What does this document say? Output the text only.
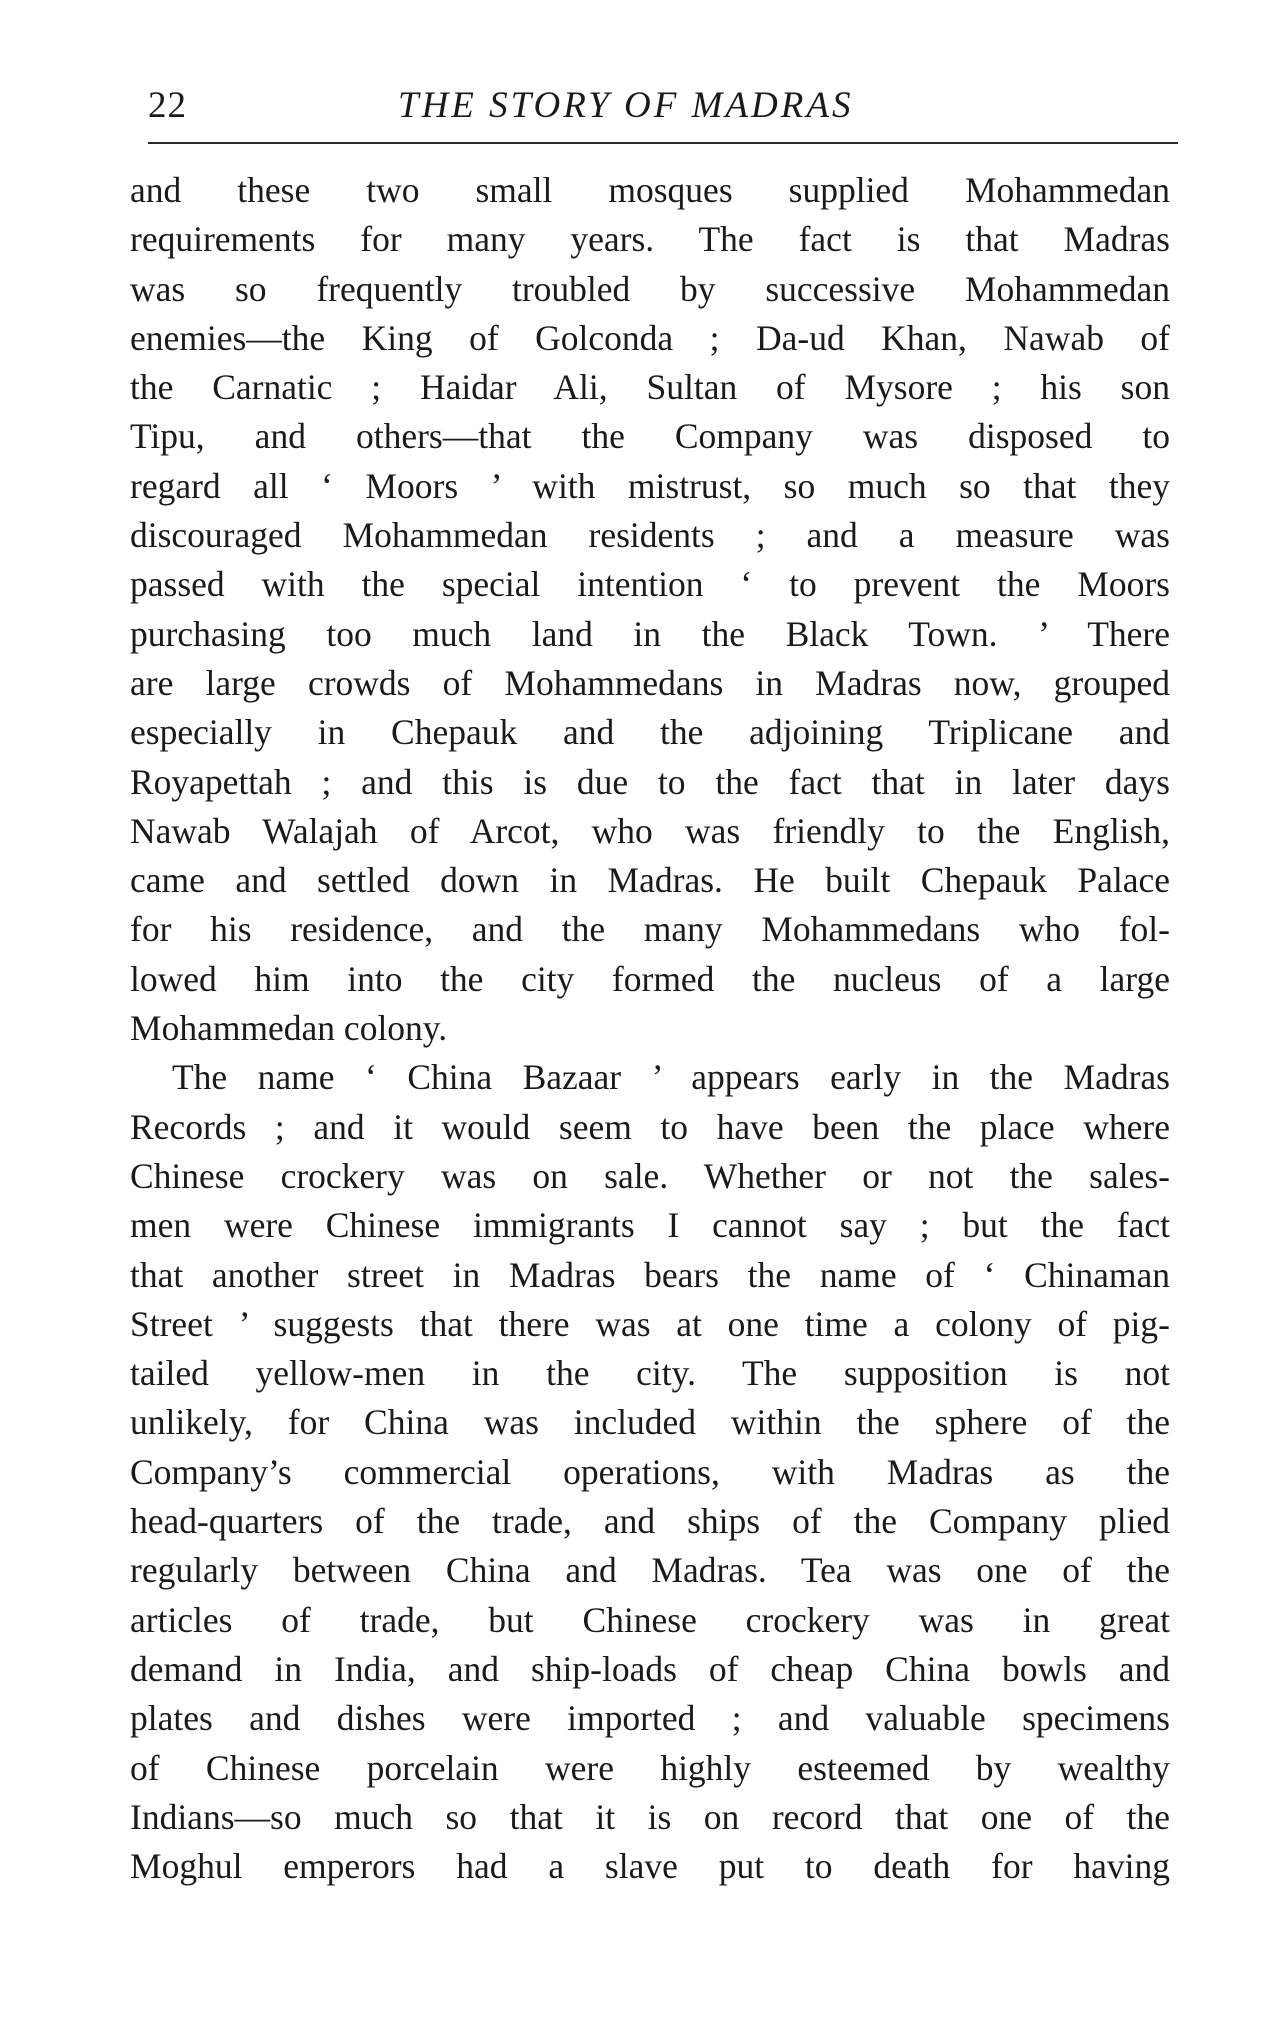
22	THE STORY OF MADRAS
and these two small mosques supplied Mohammedan
requirements for many years. The fact is that Madras
was so frequently troubled by successive Mohammedan
enemies—the King of Golconda ; Da-ud Khan, Nawab of
the Carnatic ; Haidar Ali, Sultan of Mysore ; his son
Tipu, and others—that the Company was disposed to
regard all ‘ Moors ’ with mistrust, so much so that they
discouraged Mohammedan residents ; and a measure was
passed with the special intention ‘ to prevent the Moors
purchasing too much land in the Black Town. ’ There
are large crowds of Mohammedans in Madras now, grouped
especially in Chepauk and the adjoining Triplicane and
Royapettah ; and this is due to the fact that in later days
Nawab Walajah of Arcot, who was friendly to the English,
came and settled down in Madras. He built Chepauk Palace
for his residence, and the many Mohammedans who fol-
lowed him into the city formed the nucleus of a large
Mohammedan colony.
The name ‘ China Bazaar ’ appears early in the Madras
Records ; and it would seem to have been the place where
Chinese crockery was on sale. Whether or not the sales-
men were Chinese immigrants I cannot say ; but the fact
that another street in Madras bears the name of ‘ Chinaman
Street ’ suggests that there was at one time a colony of pig-
tailed yellow-men in the city. The supposition is not
unlikely, for China was included within the sphere of the
Company’s commercial operations, with Madras as the
head-quarters of the trade, and ships of the Company plied
regularly between China and Madras. Tea was one of the
articles of trade, but Chinese crockery was in great
demand in India, and ship-loads of cheap China bowls and
plates and dishes were imported ; and valuable specimens
of Chinese porcelain were highly esteemed by wealthy
Indians—so much so that it is on record that one of the
Moghul emperors had a slave put to death for having
